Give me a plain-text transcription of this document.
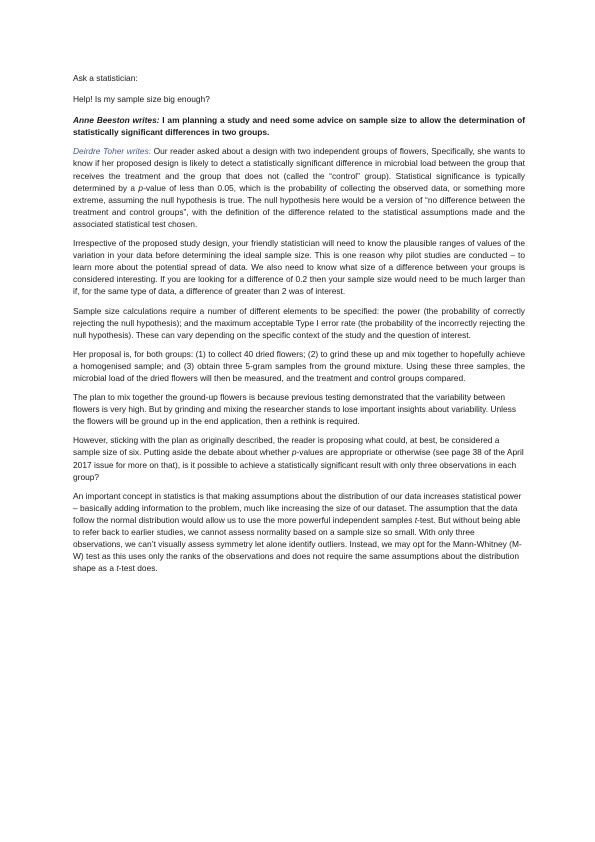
Ask a statistician:

Help! Is my sample size big enough?

Anne Beeston writes: I am planning a study and need some advice on sample size to allow the determination of statistically significant differences in two groups.

Deirdre Toher writes: Our reader asked about a design with two independent groups of flowers, Specifically, she wants to know if her proposed design is likely to detect a statistically significant difference in microbial load between the group that receives the treatment and the group that does not (called the “control” group). Statistical significance is typically determined by a p-value of less than 0.05, which is the probability of collecting the observed data, or something more extreme, assuming the null hypothesis is true. The null hypothesis here would be a version of “no difference between the treatment and control groups”, with the definition of the difference related to the statistical assumptions made and the associated statistical test chosen.

Irrespective of the proposed study design, your friendly statistician will need to know the plausible ranges of values of the variation in your data before determining the ideal sample size. This is one reason why pilot studies are conducted – to learn more about the potential spread of data. We also need to know what size of a difference between your groups is considered interesting. If you are looking for a difference of 0.2 then your sample size would need to be much larger than if, for the same type of data, a difference of greater than 2 was of interest.

Sample size calculations require a number of different elements to be specified: the power (the probability of correctly rejecting the null hypothesis); and the maximum acceptable Type I error rate (the probability of the incorrectly rejecting the null hypothesis). These can vary depending on the specific context of the study and the question of interest.

Her proposal is, for both groups: (1) to collect 40 dried flowers; (2) to grind these up and mix together to hopefully achieve a homogenised sample; and (3) obtain three 5-gram samples from the ground mixture. Using these three samples, the microbial load of the dried flowers will then be measured, and the treatment and control groups compared.

The plan to mix together the ground-up flowers is because previous testing demonstrated that the variability between flowers is very high. But by grinding and mixing the researcher stands to lose important insights about variability. Unless the flowers will be ground up in the end application, then a rethink is required.

However, sticking with the plan as originally described, the reader is proposing what could, at best, be considered a sample size of six. Putting aside the debate about whether p-values are appropriate or otherwise (see page 38 of the April 2017 issue for more on that), is it possible to achieve a statistically significant result with only three observations in each group?

An important concept in statistics is that making assumptions about the distribution of our data increases statistical power – basically adding information to the problem, much like increasing the size of our dataset. The assumption that the data follow the normal distribution would allow us to use the more powerful independent samples t-test. But without being able to refer back to earlier studies, we cannot assess normality based on a sample size so small. With only three observations, we can’t visually assess symmetry let alone identify outliers. Instead, we may opt for the Mann-Whitney (M-W) test as this uses only the ranks of the observations and does not require the same assumptions about the distribution shape as a t-test does.
